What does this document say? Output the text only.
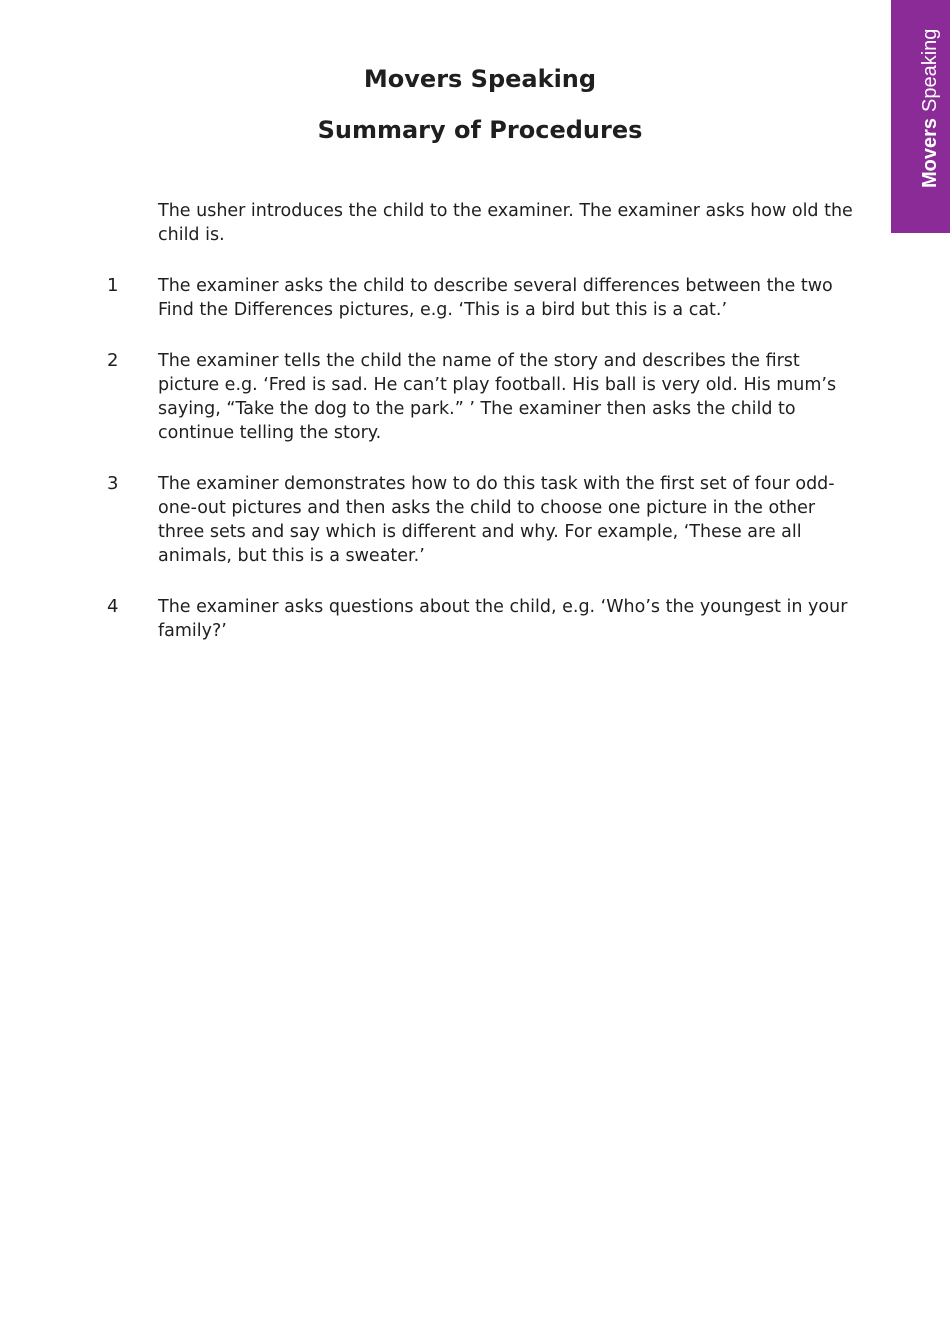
MoversSpeaking
Movers Speaking
Summary of Procedures

The usher introduces the child to the examiner. The examiner asks how old the child is.

1	The examiner asks the child to describe several differences between the two Find the Differences pictures, e.g. ‘This is a bird but this is a cat.’

2	The examiner tells the child the name of the story and describes the first picture e.g. ‘Fred is sad. He can’t play football. His ball is very old. His mum’s saying, “Take the dog to the park.” ’ The examiner then asks the child to continue telling the story.

3	The examiner demonstrates how to do this task with the first set of four odd-one-out pictures and then asks the child to choose one picture in the other three sets and say which is different and why. For example, ‘These are all animals, but this is a sweater.’

4	The examiner asks questions about the child, e.g. ‘Who’s the youngest in your family?’
